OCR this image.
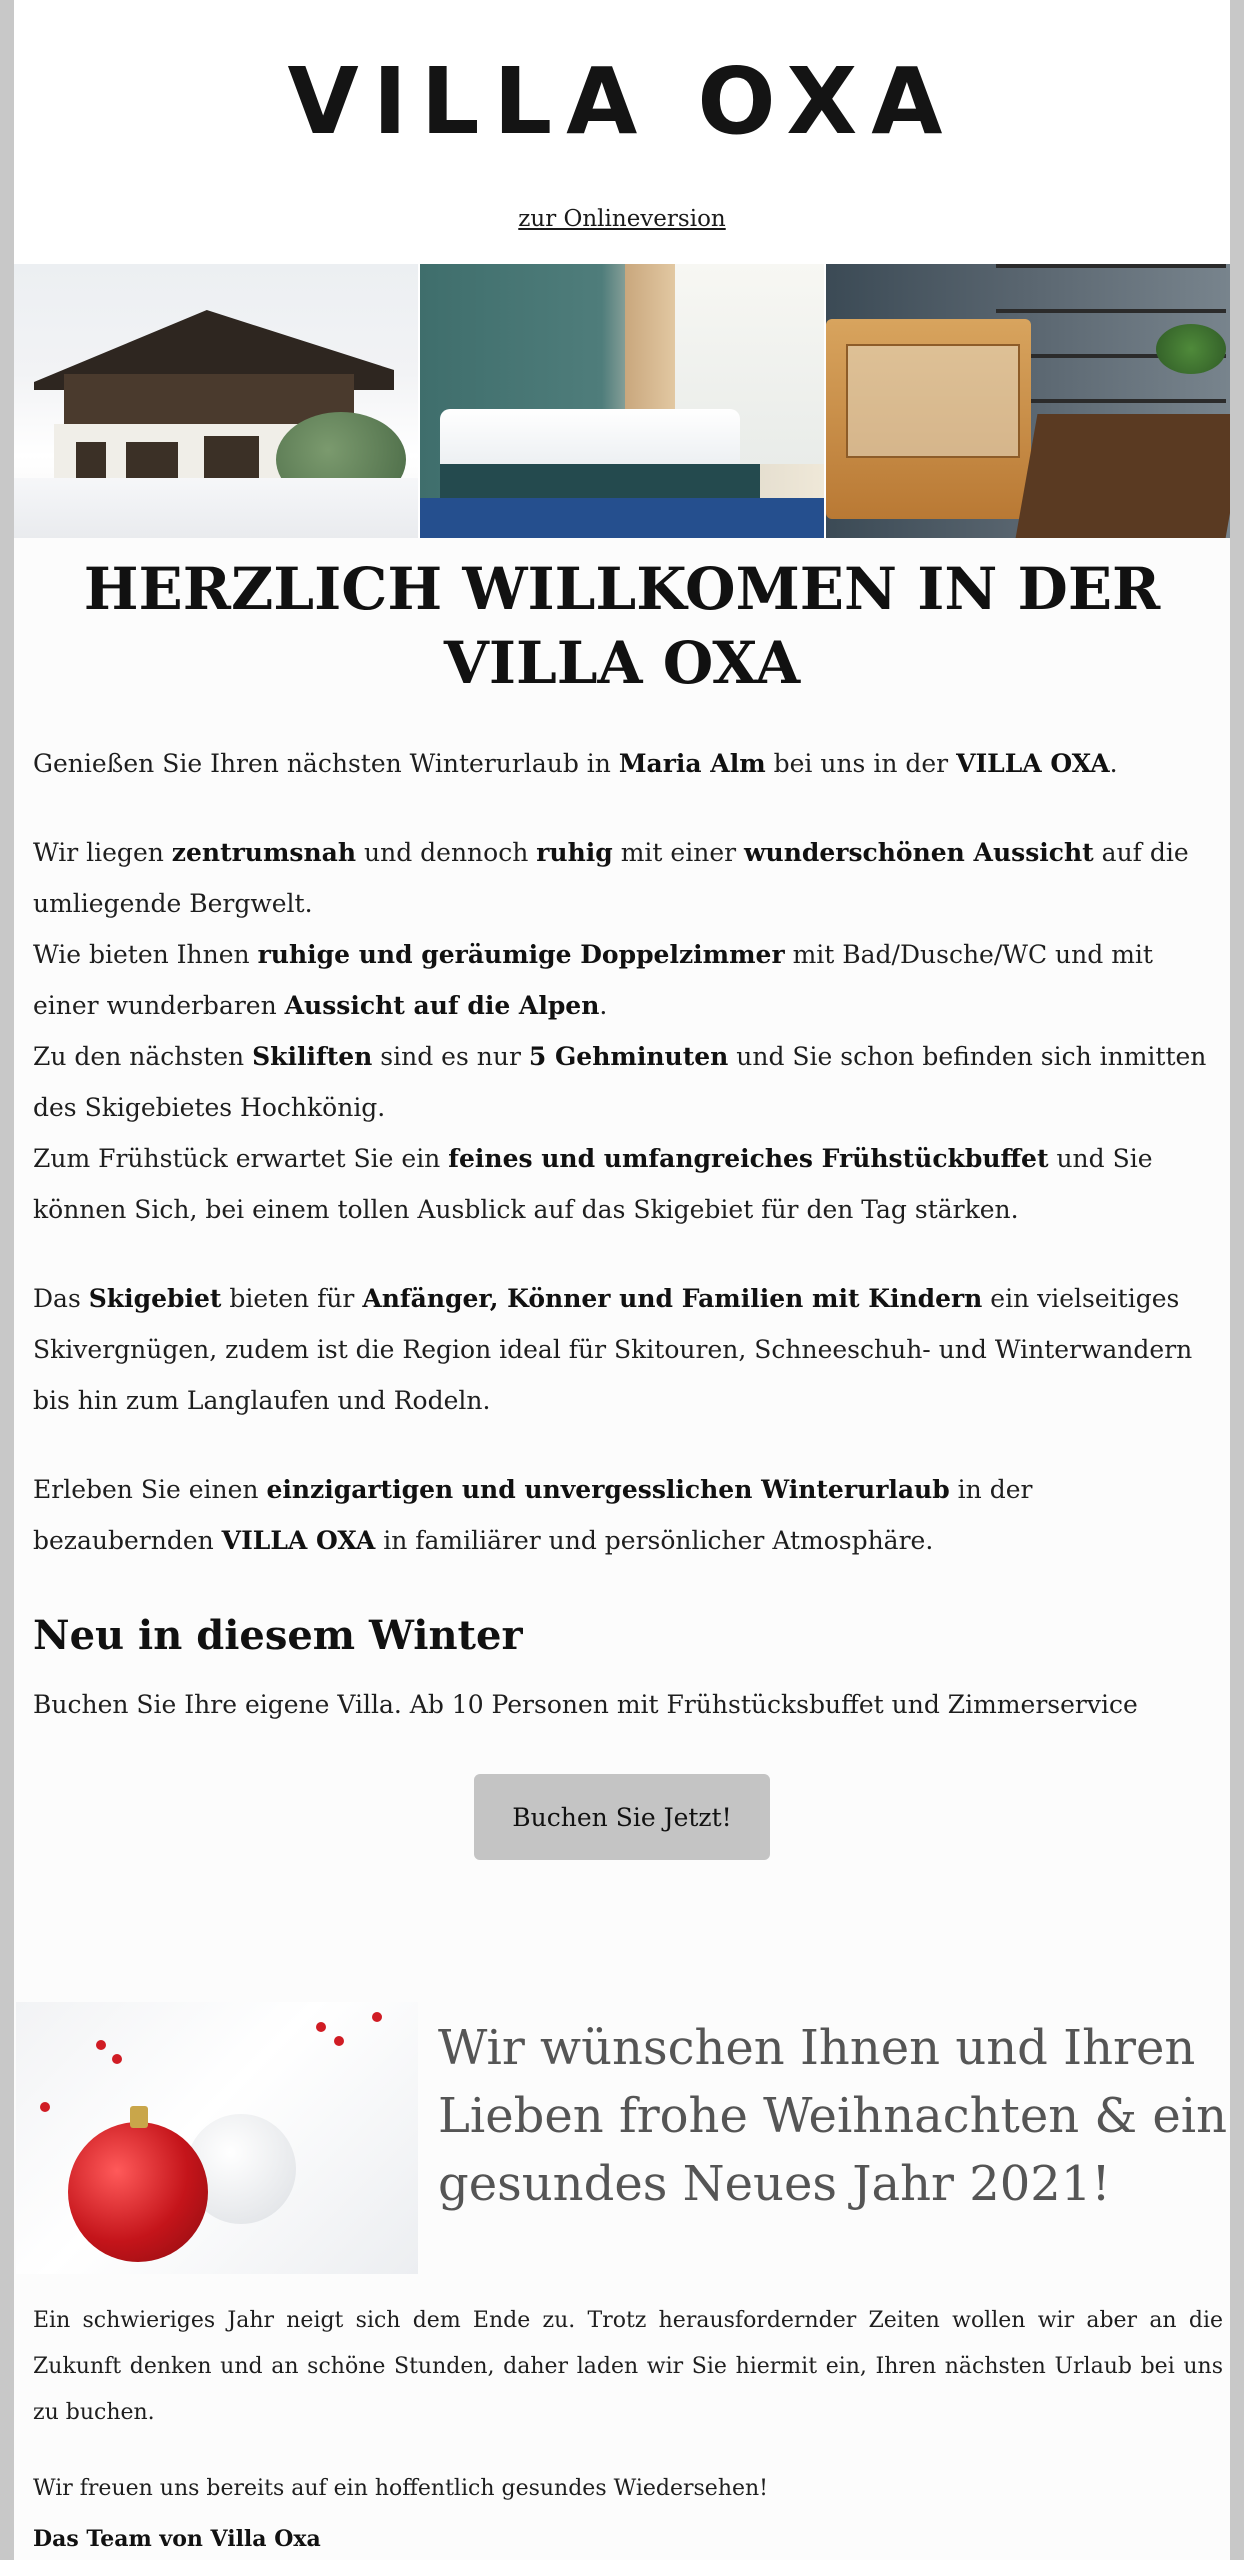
VILLA OXA
zur Onlineversion
HERZLICH WILLKOMEN IN DER
VILLA OXA

Genießen Sie Ihren nächsten Winterurlaub in Maria Alm bei uns in der VILLA OXA.

Wir liegen zentrumsnah und dennoch ruhig mit einer wunderschönen Aussicht auf die umliegende Bergwelt.
Wie bieten Ihnen ruhige und geräumige Doppelzimmer mit Bad/Dusche/WC und mit einer wunderbaren Aussicht auf die Alpen.
Zu den nächsten Skiliften sind es nur 5 Gehminuten und Sie schon befinden sich inmitten des Skigebietes Hochkönig.
Zum Frühstück erwartet Sie ein feines und umfangreiches Frühstückbuffet und Sie können Sich, bei einem tollen Ausblick auf das Skigebiet für den Tag stärken.

Das Skigebiet bieten für Anfänger, Könner und Familien mit Kindern ein vielseitiges Skivergnügen, zudem ist die Region ideal für Skitouren, Schneeschuh- und Winterwandern bis hin zum Langlaufen und Rodeln.

Erleben Sie einen einzigartigen und unvergesslichen Winterurlaub in der bezaubernden VILLA OXA in familiärer und persönlicher Atmosphäre.

Neu in diesem Winter

Buchen Sie Ihre eigene Villa. Ab 10 Personen mit Frühstücksbuffet und Zimmerservice

Buchen Sie Jetzt!
Wir wünschen Ihnen und Ihren Lieben frohe Weihnachten & ein gesundes Neues Jahr 2021!

Ein schwieriges Jahr neigt sich dem Ende zu. Trotz herausfordernder Zeiten wollen wir aber an die Zukunft denken und an schöne Stunden, daher laden wir Sie hiermit ein, Ihren nächsten Urlaub bei uns zu buchen.

Wir freuen uns bereits auf ein hoffentlich gesundes Wiedersehen!

Das Team von Villa Oxa
